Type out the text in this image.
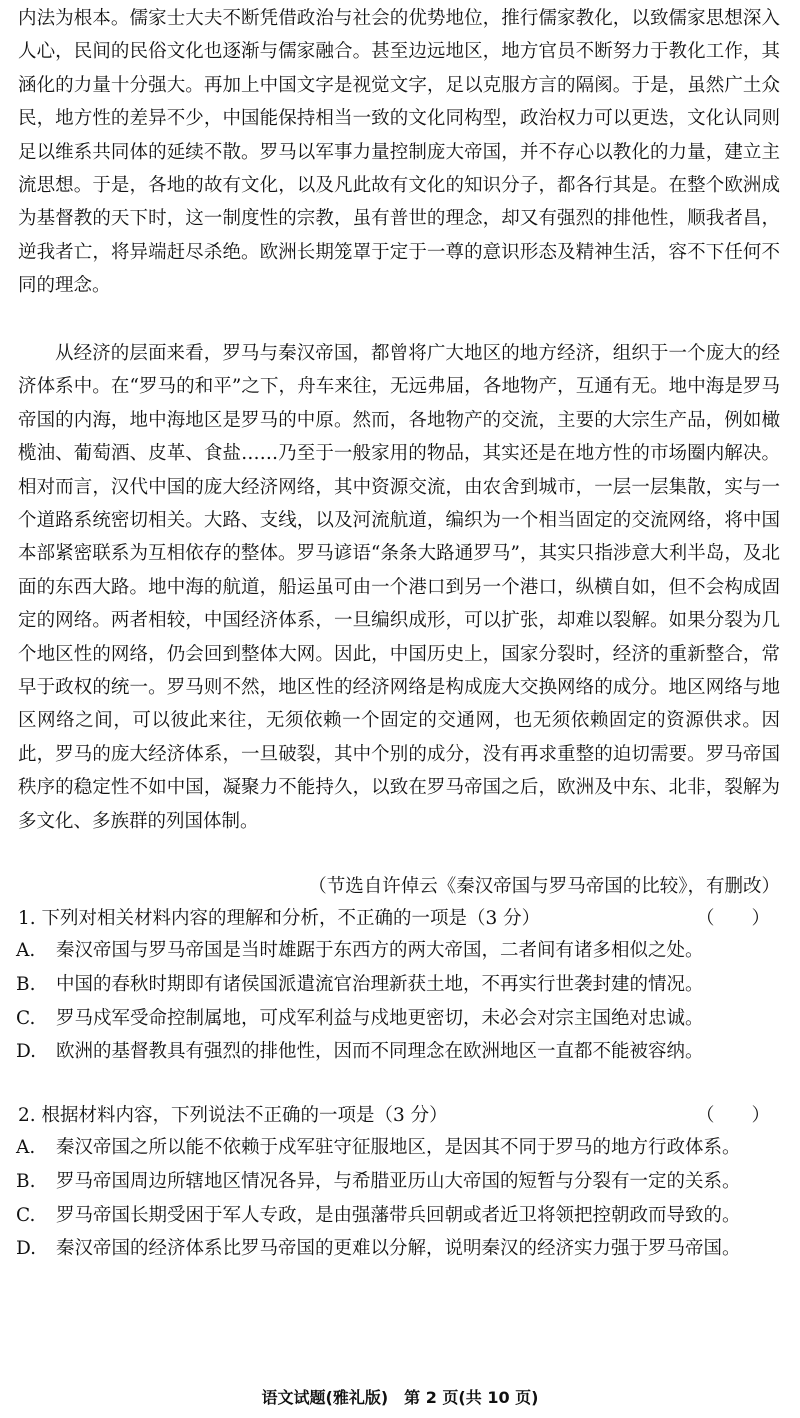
内法为根本。儒家士大夫不断凭借政治与社会的优势地位，推行儒家教化，以致儒家思想深入人心，民间的民俗文化也逐渐与儒家融合。甚至边远地区，地方官员不断努力于教化工作，其涵化的力量十分强大。再加上中国文字是视觉文字，足以克服方言的隔阂。于是，虽然广土众民，地方性的差异不少，中国能保持相当一致的文化同构型，政治权力可以更迭，文化认同则足以维系共同体的延续不散。罗马以军事力量控制庞大帝国，并不存心以教化的力量，建立主流思想。于是，各地的故有文化，以及凡此故有文化的知识分子，都各行其是。在整个欧洲成为基督教的天下时，这一制度性的宗教，虽有普世的理念，却又有强烈的排他性，顺我者昌，逆我者亡，将异端赶尽杀绝。欧洲长期笼罩于定于一尊的意识形态及精神生活，容不下任何不同的理念。

从经济的层面来看，罗马与秦汉帝国，都曾将广大地区的地方经济，组织于一个庞大的经济体系中。在“罗马的和平”之下，舟车来往，无远弗届，各地物产，互通有无。地中海是罗马帝国的内海，地中海地区是罗马的中原。然而，各地物产的交流，主要的大宗生产品，例如橄榄油、葡萄酒、皮革、食盐……乃至于一般家用的物品，其实还是在地方性的市场圈内解决。相对而言，汉代中国的庞大经济网络，其中资源交流，由农舍到城市，一层一层集散，实与一个道路系统密切相关。大路、支线，以及河流航道，编织为一个相当固定的交流网络，将中国本部紧密联系为互相依存的整体。罗马谚语“条条大路通罗马”，其实只指涉意大利半岛，及北面的东西大路。地中海的航道，船运虽可由一个港口到另一个港口，纵横自如，但不会构成固定的网络。两者相较，中国经济体系，一旦编织成形，可以扩张，却难以裂解。如果分裂为几个地区性的网络，仍会回到整体大网。因此，中国历史上，国家分裂时，经济的重新整合，常早于政权的统一。罗马则不然，地区性的经济网络是构成庞大交换网络的成分。地区网络与地区网络之间，可以彼此来往，无须依赖一个固定的交通网，也无须依赖固定的资源供求。因此，罗马的庞大经济体系，一旦破裂，其中个别的成分，没有再求重整的迫切需要。罗马帝国秩序的稳定性不如中国，凝聚力不能持久，以致在罗马帝国之后，欧洲及中东、北非，裂解为多文化、多族群的列国体制。

（节选自许倬云《秦汉帝国与罗马帝国的比较》，有删改）

1. 下列对相关材料内容的理解和分析，不正确的一项是（3 分）	（　　）
A. 秦汉帝国与罗马帝国是当时雄踞于东西方的两大帝国，二者间有诸多相似之处。
B. 中国的春秋时期即有诸侯国派遣流官治理新获土地，不再实行世袭封建的情况。
C. 罗马戍军受命控制属地，可戍军利益与戍地更密切，未必会对宗主国绝对忠诚。
D. 欧洲的基督教具有强烈的排他性，因而不同理念在欧洲地区一直都不能被容纳。
2. 根据材料内容，下列说法不正确的一项是（3 分）	（　　）
A. 秦汉帝国之所以能不依赖于戍军驻守征服地区，是因其不同于罗马的地方行政体系。
B. 罗马帝国周边所辖地区情况各异，与希腊亚历山大帝国的短暂与分裂有一定的关系。
C. 罗马帝国长期受困于军人专政，是由强藩带兵回朝或者近卫将领把控朝政而导致的。
D. 秦汉帝国的经济体系比罗马帝国的更难以分解，说明秦汉的经济实力强于罗马帝国。

语文试题(雅礼版)　第 2 页(共 10 页)
